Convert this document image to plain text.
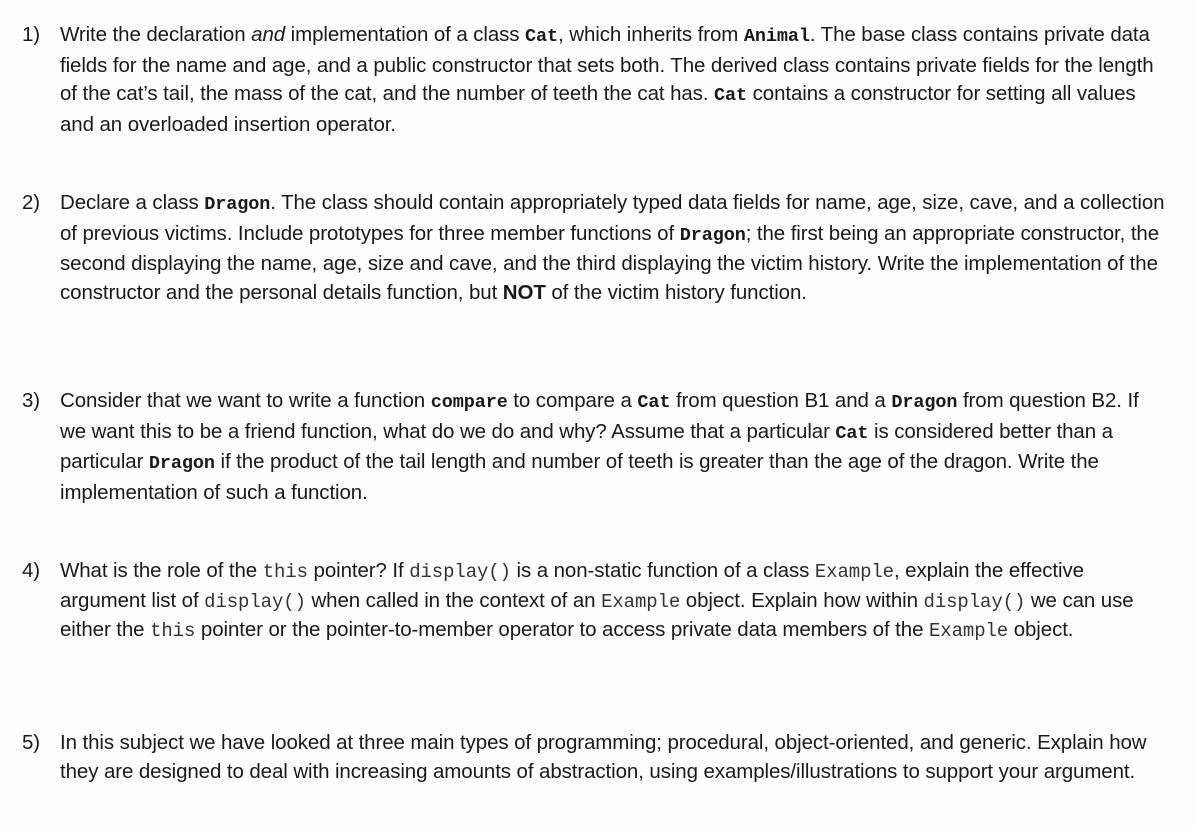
1) Write the declaration and implementation of a class Cat, which inherits from Animal. The base class contains private data fields for the name and age, and a public constructor that sets both. The derived class contains private fields for the length of the cat’s tail, the mass of the cat, and the number of teeth the cat has. Cat contains a constructor for setting all values and an overloaded insertion operator.
2) Declare a class Dragon. The class should contain appropriately typed data fields for name, age, size, cave, and a collection of previous victims. Include prototypes for three member functions of Dragon; the first being an appropriate constructor, the second displaying the name, age, size and cave, and the third displaying the victim history. Write the implementation of the constructor and the personal details function, but NOT of the victim history function.
3) Consider that we want to write a function compare to compare a Cat from question B1 and a Dragon from question B2. If we want this to be a friend function, what do we do and why? Assume that a particular Cat is considered better than a particular Dragon if the product of the tail length and number of teeth is greater than the age of the dragon. Write the implementation of such a function.
4) What is the role of the this pointer? If display() is a non-static function of a class Example, explain the effective argument list of display() when called in the context of an Example object. Explain how within display() we can use either the this pointer or the pointer-to-member operator to access private data members of the Example object.
5) In this subject we have looked at three main types of programming; procedural, object-oriented, and generic. Explain how they are designed to deal with increasing amounts of abstraction, using examples/illustrations to support your argument.
